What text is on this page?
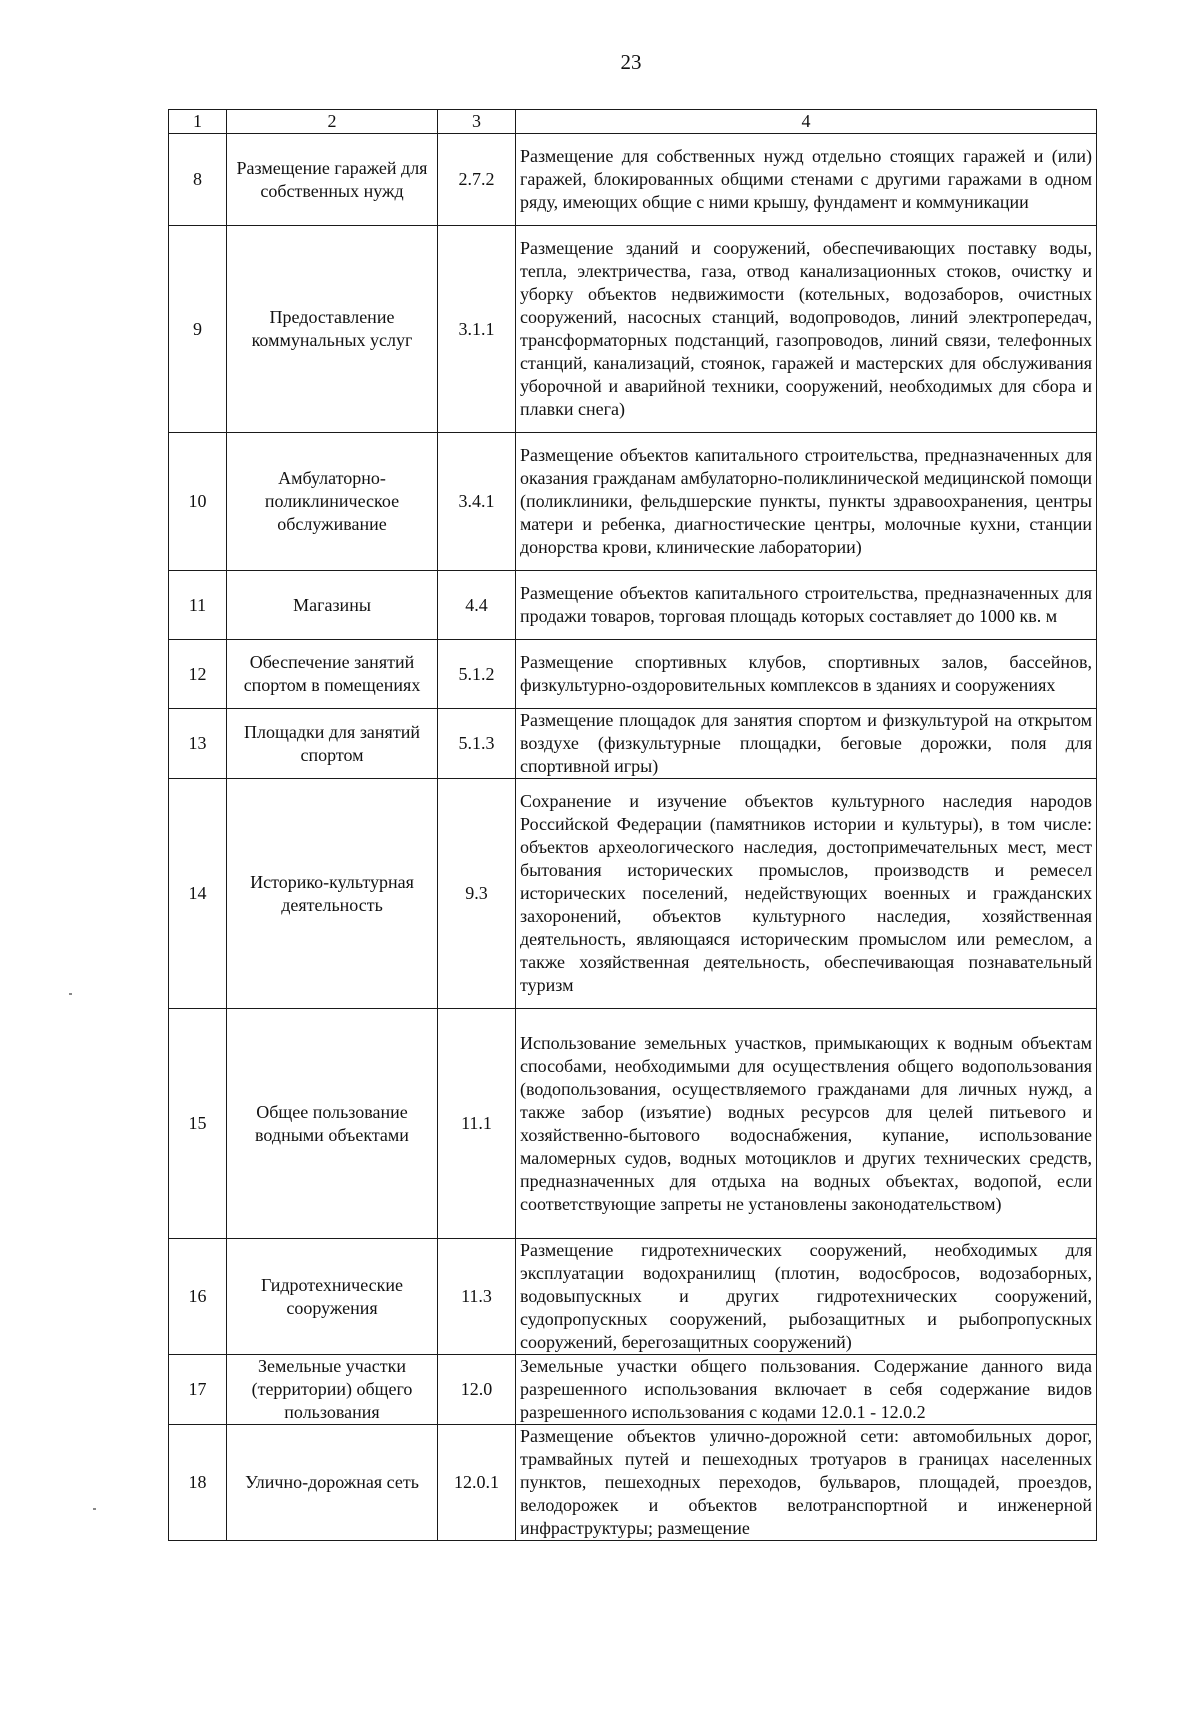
23
1	2	3	4
8	Размещение гаражей для собственных нужд	2.7.2	Размещение для собственных нужд отдельно стоящих гаражей и (или) гаражей, блокированных общими стенами с другими гаражами в одном ряду, имеющих общие с ними крышу, фундамент и коммуникации
9	Предоставление коммунальных услуг	3.1.1	Размещение зданий и сооружений, обеспечивающих поставку воды, тепла, электричества, газа, отвод канализационных стоков, очистку и уборку объектов недвижимости (котельных, водозаборов, очистных сооружений, насосных станций, водопроводов, линий электропередач, трансформаторных подстанций, газопроводов, линий связи, телефонных станций, канализаций, стоянок, гаражей и мастерских для обслуживания уборочной и аварийной техники, сооружений, необходимых для сбора и плавки снега)
10	Амбулаторно-поликлиническое обслуживание	3.4.1	Размещение объектов капитального строительства, предназначенных для оказания гражданам амбулаторно-поликлинической медицинской помощи (поликлиники, фельдшерские пункты, пункты здравоохранения, центры матери и ребенка, диагностические центры, молочные кухни, станции донорства крови, клинические лаборатории)
11	Магазины	4.4	Размещение объектов капитального строительства, предназначенных для продажи товаров, торговая площадь которых составляет до 1000 кв. м
12	Обеспечение занятий спортом в помещениях	5.1.2	Размещение спортивных клубов, спортивных залов, бассейнов, физкультурно-оздоровительных комплексов в зданиях и сооружениях
13	Площадки для занятий спортом	5.1.3	Размещение площадок для занятия спортом и физкультурой на открытом воздухе (физкультурные площадки, беговые дорожки, поля для спортивной игры)
14	Историко-культурная деятельность	9.3	Сохранение и изучение объектов культурного наследия народов Российской Федерации (памятников истории и культуры), в том числе: объектов археологического наследия, достопримечательных мест, мест бытования исторических промыслов, производств и ремесел исторических поселений, недействующих военных и гражданских захоронений, объектов культурного наследия, хозяйственная деятельность, являющаяся историческим промыслом или ремеслом, а также хозяйственная деятельность, обеспечивающая познавательный туризм
15	Общее пользование водными объектами	11.1	Использование земельных участков, примыкающих к водным объектам способами, необходимыми для осуществления общего водопользования (водопользования, осуществляемого гражданами для личных нужд, а также забор (изъятие) водных ресурсов для целей питьевого и хозяйственно-бытового водоснабжения, купание, использование маломерных судов, водных мотоциклов и других технических средств, предназначенных для отдыха на водных объектах, водопой, если соответствующие запреты не установлены законодательством)
16	Гидротехнические сооружения	11.3	Размещение гидротехнических сооружений, необходимых для эксплуатации водохранилищ (плотин, водосбросов, водозаборных, водовыпускных и других гидротехнических сооружений, судопропускных сооружений, рыбозащитных и рыбопропускных сооружений, берегозащитных сооружений)
17	Земельные участки (территории) общего пользования	12.0	Земельные участки общего пользования. Содержание данного вида разрешенного использования включает в себя содержание видов разрешенного использования с кодами 12.0.1 - 12.0.2
18	Улично-дорожная сеть	12.0.1	Размещение объектов улично-дорожной сети: автомобильных дорог, трамвайных путей и пешеходных тротуаров в границах населенных пунктов, пешеходных переходов, бульваров, площадей, проездов, велодорожек и объектов велотранспортной и инженерной инфраструктуры; размещение
